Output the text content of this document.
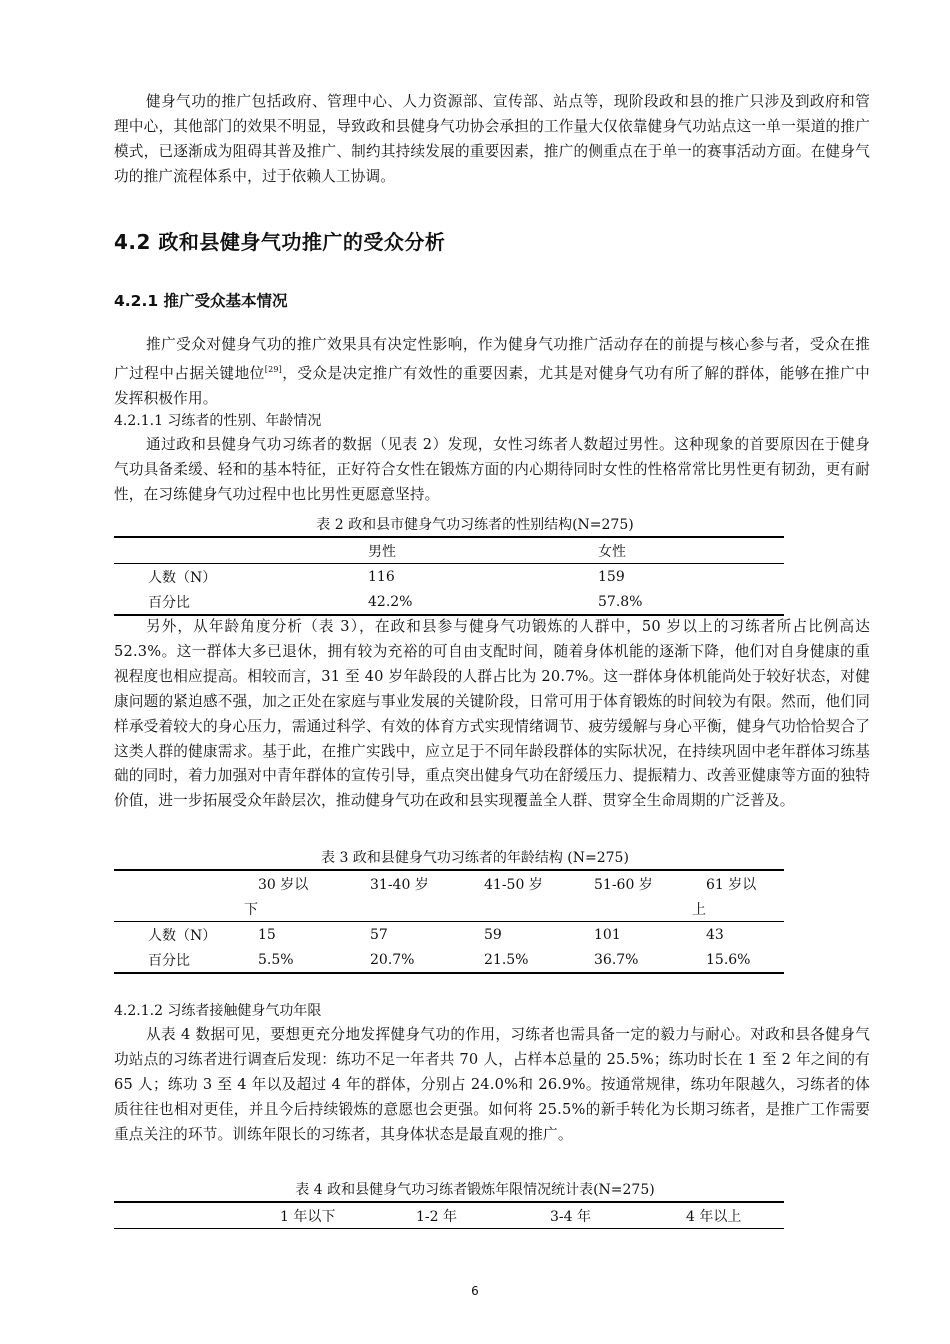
健身气功的推广包括政府、管理中心、人力资源部、宣传部、站点等，现阶段政和县的推广只涉及到政府和管理中心，其他部门的效果不明显，导致政和县健身气功协会承担的工作量大仅依靠健身气功站点这一单一渠道的推广模式，已逐渐成为阻碍其普及推广、制约其持续发展的重要因素，推广的侧重点在于单一的赛事活动方面。在健身气功的推广流程体系中，过于依赖人工协调。

4.2 政和县健身气功推广的受众分析
4.2.1 推广受众基本情况

推广受众对健身气功的推广效果具有决定性影响，作为健身气功推广活动存在的前提与核心参与者，受众在推广过程中占据关键地位[29]，受众是决定推广有效性的重要因素，尤其是对健身气功有所了解的群体，能够在推广中发挥积极作用。

4.2.1.1 习练者的性别、年龄情况

通过政和县健身气功习练者的数据（见表 2）发现，女性习练者人数超过男性。这种现象的首要原因在于健身气功具备柔缓、轻和的基本特征，正好符合女性在锻炼方面的内心期待同时女性的性格常常比男性更有韧劲，更有耐性，在习练健身气功过程中也比男性更愿意坚持。

表 2 政和县市健身气功习练者的性别结构(N=275)
	男性	女性
人数（N）	116	159
百分比	42.2%	57.8%

另外，从年龄角度分析（表 3），在政和县参与健身气功锻炼的人群中，50 岁以上的习练者所占比例高达 52.3%。这一群体大多已退休，拥有较为充裕的可自由支配时间，随着身体机能的逐渐下降，他们对自身健康的重视程度也相应提高。相较而言，31 至 40 岁年龄段的人群占比为 20.7%。这一群体身体机能尚处于较好状态，对健康问题的紧迫感不强，加之正处在家庭与事业发展的关键阶段，日常可用于体育锻炼的时间较为有限。然而，他们同样承受着较大的身心压力，需通过科学、有效的体育方式实现情绪调节、疲劳缓解与身心平衡，健身气功恰恰契合了这类人群的健康需求。基于此，在推广实践中，应立足于不同年龄段群体的实际状况，在持续巩固中老年群体习练基础的同时，着力加强对中青年群体的宣传引导，重点突出健身气功在舒缓压力、提振精力、改善亚健康等方面的独特价值，进一步拓展受众年龄层次，推动健身气功在政和县实现覆盖全人群、贯穿全生命周期的广泛普及。

表 3 政和县健身气功习练者的年龄结构 (N=275)
	30 岁以	31-40 岁	41-50 岁	51-60 岁	61 岁以
下				上	
人数（N）	15	57	59	101	43
百分比	5.5%	20.7%	21.5%	36.7%	15.6%
4.2.1.2 习练者接触健身气功年限

从表 4 数据可见，要想更充分地发挥健身气功的作用，习练者也需具备一定的毅力与耐心。对政和县各健身气功站点的习练者进行调查后发现：练功不足一年者共 70 人，占样本总量的 25.5%；练功时长在 1 至 2 年之间的有 65 人；练功 3 至 4 年以及超过 4 年的群体，分别占 24.0%和 26.9%。按通常规律，练功年限越久，习练者的体质往往也相对更佳，并且今后持续锻炼的意愿也会更强。如何将 25.5%的新手转化为长期习练者，是推广工作需要重点关注的环节。训练年限长的习练者，其身体状态是最直观的推广。

表 4 政和县健身气功习练者锻炼年限情况统计表(N=275)
	1 年以下	1-2 年	3-4 年	4 年以上

6
